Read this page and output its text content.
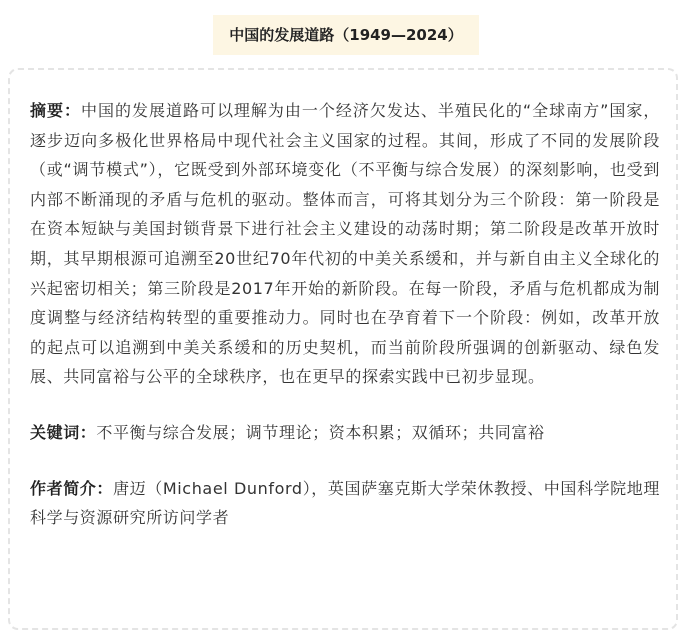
中国的发展道路（1949—2024）

摘要：中国的发展道路可以理解为由一个经济欠发达、半殖民化的“全球南方”国家，逐步迈向多极化世界格局中现代社会主义国家的过程。其间，形成了不同的发展阶段（或“调节模式”），它既受到外部环境变化（不平衡与综合发展）的深刻影响，也受到内部不断涌现的矛盾与危机的驱动。整体而言，可将其划分为三个阶段：第一阶段是在资本短缺与美国封锁背景下进行社会主义建设的动荡时期；第二阶段是改革开放时期，其早期根源可追溯至20世纪70年代初的中美关系缓和，并与新自由主义全球化的兴起密切相关；第三阶段是2017年开始的新阶段。在每一阶段，矛盾与危机都成为制度调整与经济结构转型的重要推动力。同时也在孕育着下一个阶段：例如，改革开放的起点可以追溯到中美关系缓和的历史契机，而当前阶段所强调的创新驱动、绿色发展、共同富裕与公平的全球秩序，也在更早的探索实践中已初步显现。

关键词：不平衡与综合发展；调节理论；资本积累；双循环；共同富裕

作者简介：唐迈（Michael Dunford），英国萨塞克斯大学荣休教授、中国科学院地理科学与资源研究所访问学者
